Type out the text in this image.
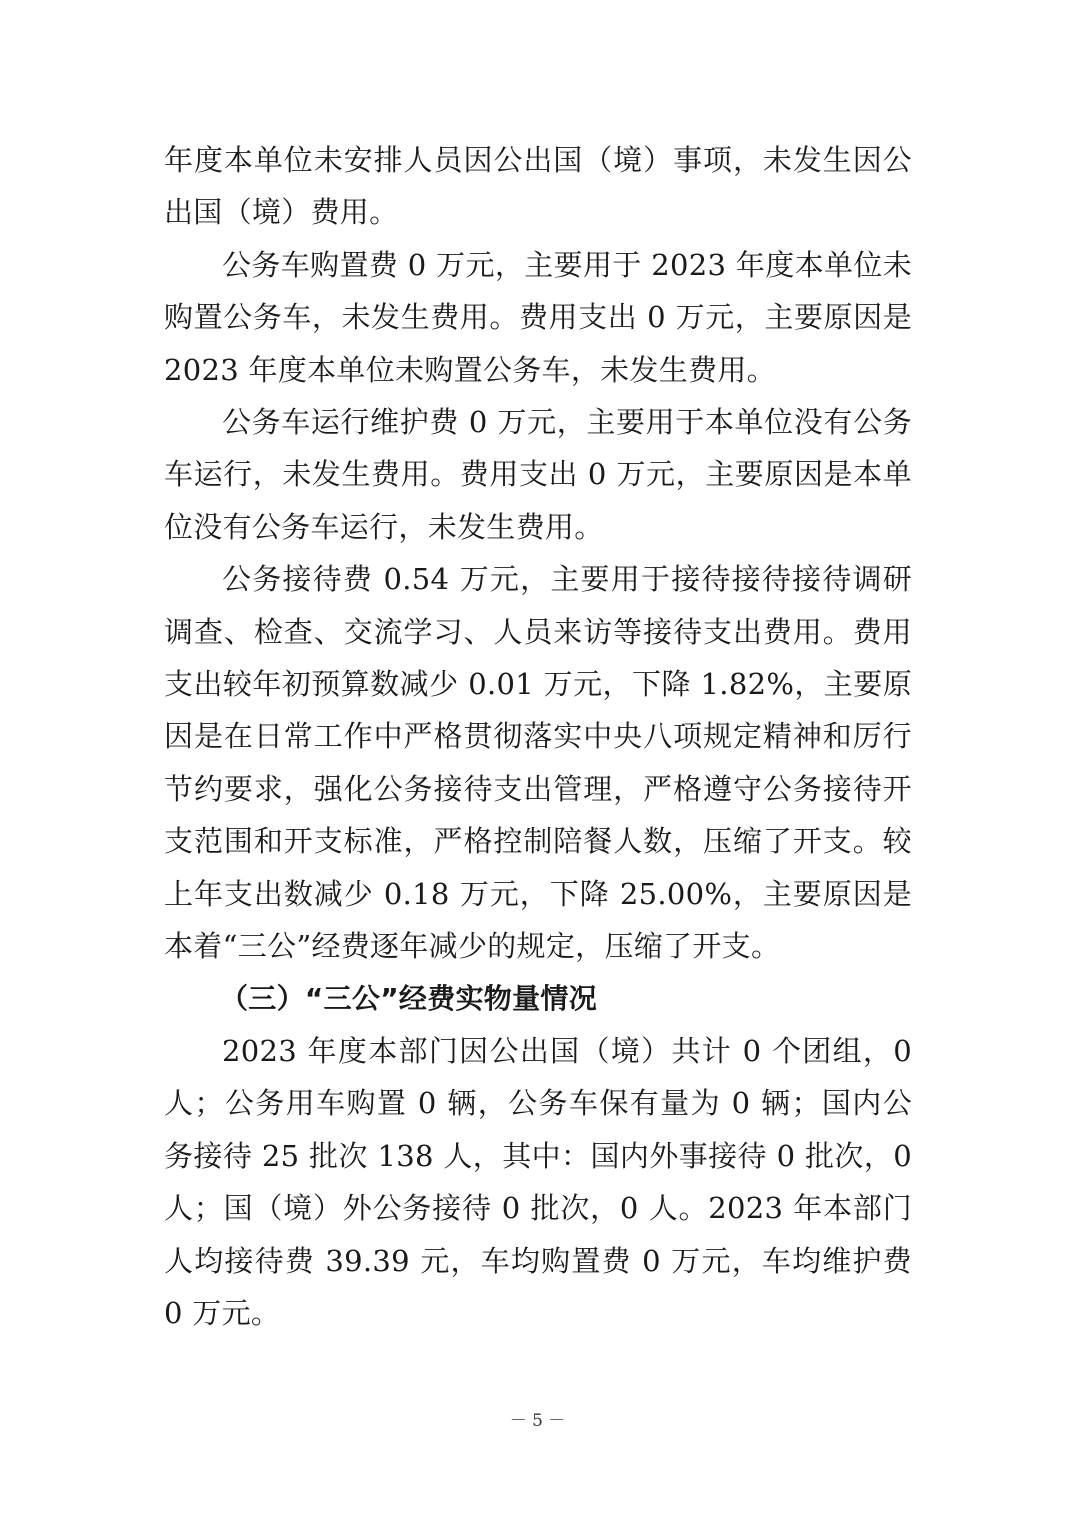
年度本单位未安排人员因公出国（境）事项，未发生因公出国（境）费用。

公务车购置费 0 万元，主要用于 2023 年度本单位未购置公务车，未发生费用。费用支出 0 万元，主要原因是 2023 年度本单位未购置公务车，未发生费用。

公务车运行维护费 0 万元，主要用于本单位没有公务车运行，未发生费用。费用支出 0 万元，主要原因是本单位没有公务车运行，未发生费用。

公务接待费 0.54 万元，主要用于接待接待接待调研调查、检查、交流学习、人员来访等接待支出费用。费用支出较年初预算数减少 0.01 万元，下降 1.82%，主要原因是在日常工作中严格贯彻落实中央八项规定精神和厉行节约要求，强化公务接待支出管理，严格遵守公务接待开支范围和开支标准，严格控制陪餐人数，压缩了开支。较上年支出数减少 0.18 万元，下降 25.00%，主要原因是本着“三公”经费逐年减少的规定，压缩了开支。

（三）“三公”经费实物量情况

2023 年度本部门因公出国（境）共计 0 个团组，0 人；公务用车购置 0 辆，公务车保有量为 0 辆；国内公务接待 25 批次 138 人，其中：国内外事接待 0 批次，0 人；国（境）外公务接待 0 批次，0 人。2023 年本部门人均接待费 39.39 元，车均购置费 0 万元，车均维护费 0 万元。

－ 5 －
